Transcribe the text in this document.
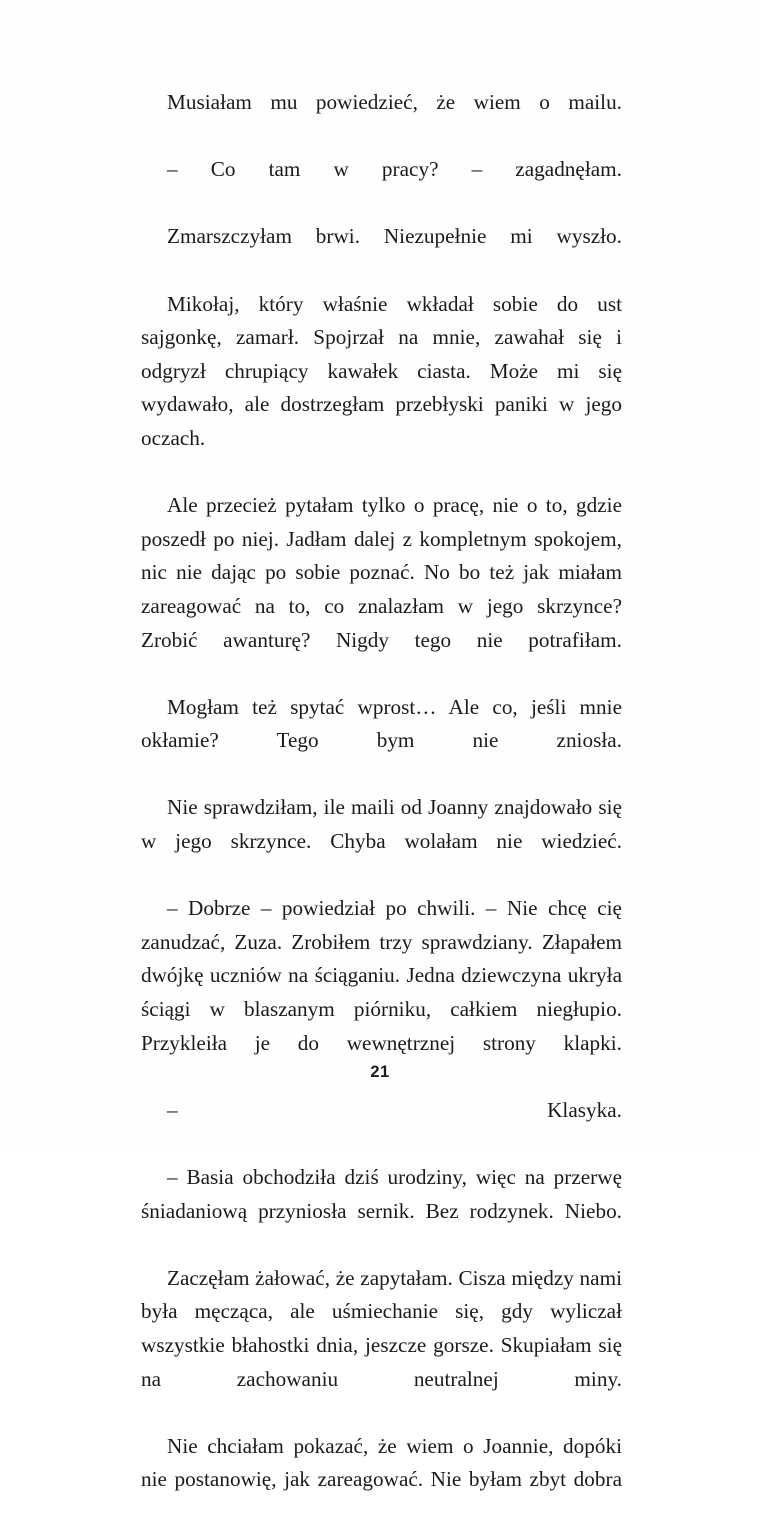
Musiałam mu powiedzieć, że wiem o mailu.

– Co tam w pracy? – zagadnęłam.

Zmarszczyłam brwi. Niezupełnie mi wyszło.

Mikołaj, który właśnie wkładał sobie do ust sajgonkę, zamarł. Spojrzał na mnie, zawahał się i odgryzł chrupiący kawałek ciasta. Może mi się wydawało, ale dostrzegłam przebłyski paniki w jego oczach.

Ale przecież pytałam tylko o pracę, nie o to, gdzie poszedł po niej. Jadłam dalej z kompletnym spokojem, nic nie dając po sobie poznać. No bo też jak miałam zareagować na to, co znalazłam w jego skrzynce? Zrobić awanturę? Nigdy tego nie potrafiłam.

Mogłam też spytać wprost… Ale co, jeśli mnie okłamie? Tego bym nie zniosła.

Nie sprawdziłam, ile maili od Joanny znajdowało się w jego skrzynce. Chyba wolałam nie wiedzieć.

– Dobrze – powiedział po chwili. – Nie chcę cię zanudzać, Zuza. Zrobiłem trzy sprawdziany. Złapałem dwójkę uczniów na ściąganiu. Jedna dziewczyna ukryła ściągi w blaszanym piórniku, całkiem niegłupio. Przykleiła je do wewnętrznej strony klapki.

– Klasyka.

– Basia obchodziła dziś urodziny, więc na przerwę śniadaniową przyniosła sernik. Bez rodzynek. Niebo.

Zaczęłam żałować, że zapytałam. Cisza między nami była męcząca, ale uśmiechanie się, gdy wyliczał wszystkie błahostki dnia, jeszcze gorsze. Skupiałam się na zachowaniu neutralnej miny.

Nie chciałam pokazać, że wiem o Joannie, dopóki nie postanowię, jak zareagować. Nie byłam zbyt dobra

21
